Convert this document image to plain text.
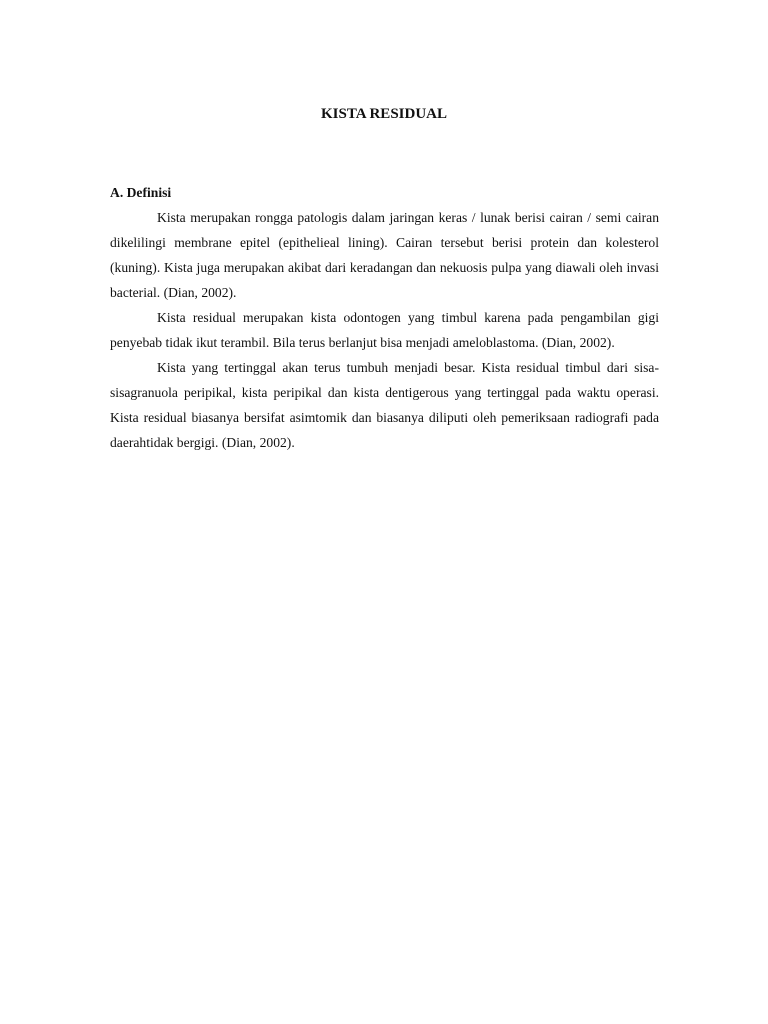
KISTA RESIDUAL

A. Definisi

Kista merupakan rongga patologis dalam jaringan keras / lunak berisi cairan / semi cairan dikelilingi membrane epitel (epithelieal lining). Cairan tersebut berisi protein dan kolesterol (kuning). Kista juga merupakan akibat dari keradangan dan nekuosis pulpa yang diawali oleh invasi bacterial. (Dian, 2002).

Kista residual merupakan kista odontogen yang timbul karena pada pengambilan gigi penyebab tidak ikut terambil. Bila terus berlanjut bisa menjadi ameloblastoma. (Dian, 2002).

Kista yang tertinggal akan terus tumbuh menjadi besar. Kista residual timbul dari sisa-sisagranuola peripikal, kista peripikal dan kista dentigerous yang tertinggal pada waktu operasi. Kista residual biasanya bersifat asimtomik dan biasanya diliputi oleh pemeriksaan radiografi pada daerahtidak bergigi. (Dian, 2002).
